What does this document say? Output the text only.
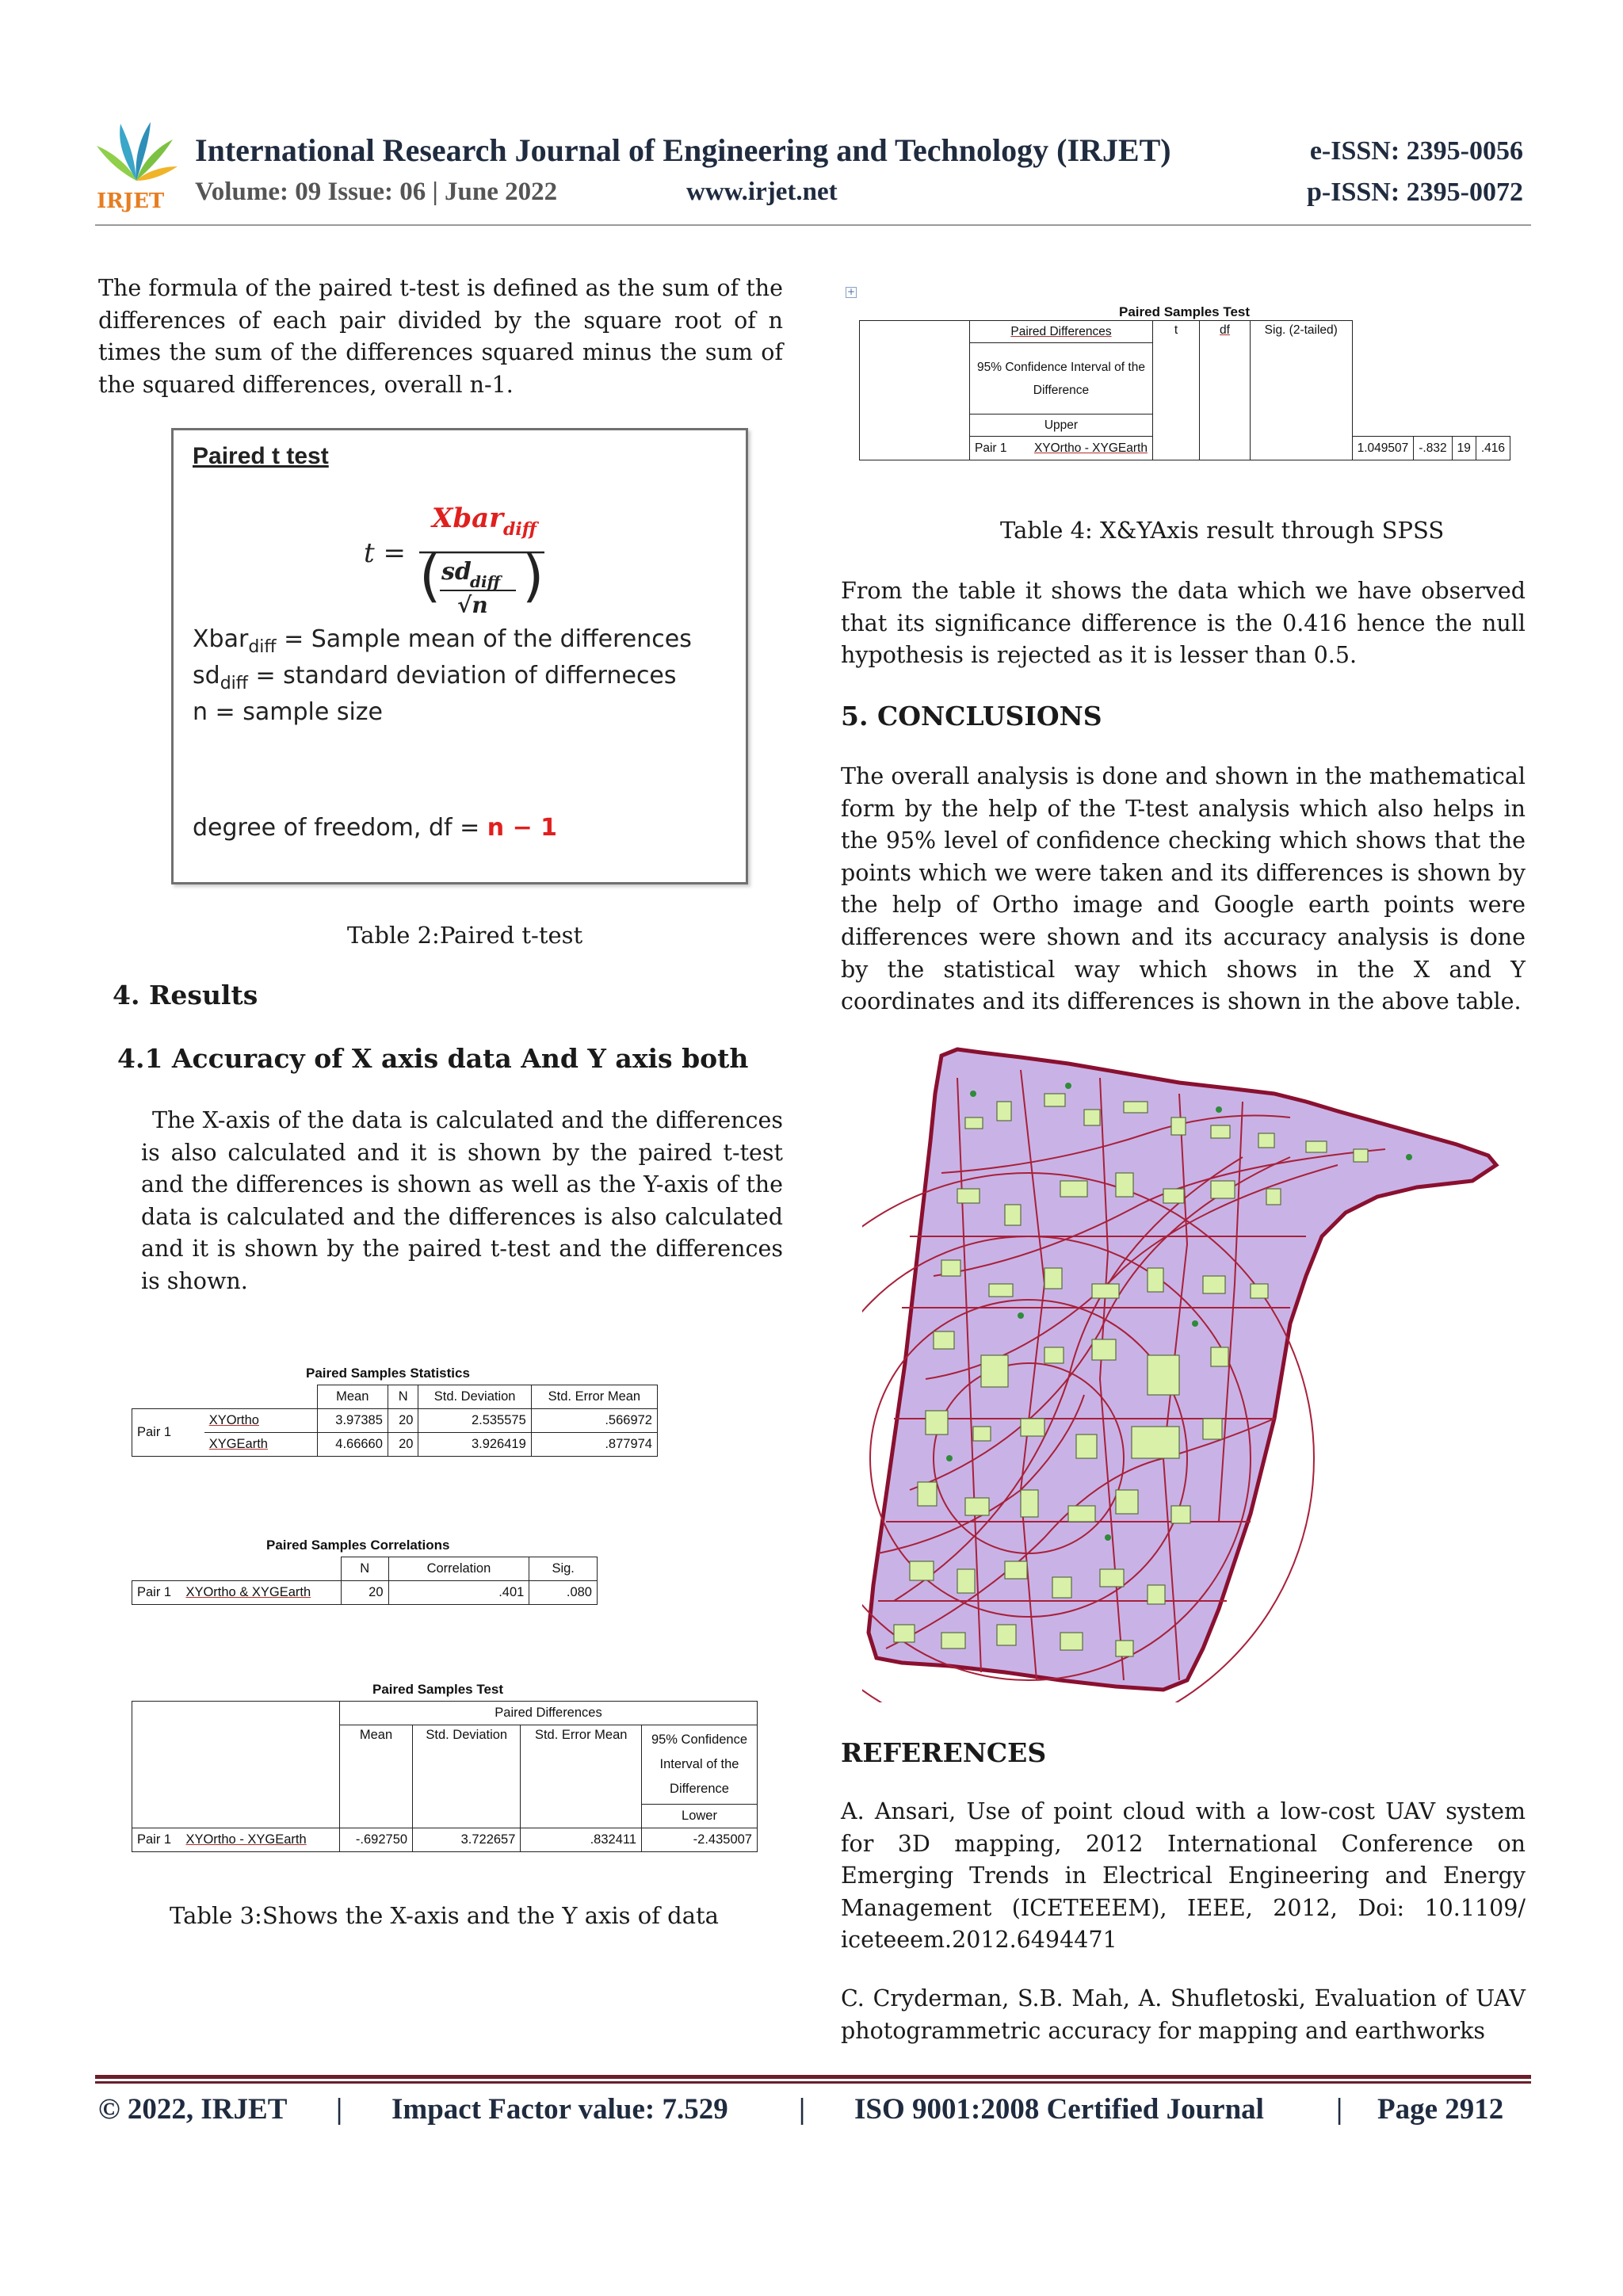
IRJET
International Research Journal of Engineering and Technology (IRJET)
Volume: 09 Issue: 06 | June 2022	www.irjet.net
e-ISSN: 2395-0056
p-ISSN: 2395-0072
The formula of the paired t-test is defined as the sum of the differences of each pair divided by the square root of n times the sum of the differences squared minus the sum of the squared differences, overall n-1.
Paired t test
t =
Xbar diff
( )
sd
diff
√n
Xbar$_{diff}$ = Sample mean of the differences
$sd_{diff}$ = standard deviation of differneces
n = sample size
degree of freedom, df = n − 1
Table 2:Paired t-test
4. Results
4.1 Accuracy of X axis data And Y axis both
The X-axis of the data is calculated and the differences is also calculated and it is shown by the paired t-test and the differences is shown as well as the Y-axis of the data is calculated and the differences is also calculated and it is shown by the paired t-test and the differences is shown.
Paired Samples Statistics
		Mean	N	Std. Deviation	Std. Error Mean
Pair 1	XYOrtho	3.97385	20	2.535575	.566972
	XYGEarth	4.66660	20	3.926419	.877974
Paired Samples Correlations
	N	Correlation	Sig.
Pair 1 XYOrtho & XYGEarth	20	.401	.080
Paired Samples Test
	Paired Differences			
	Mean	Std. Deviation	Std. Error Mean	95% Confidence Interval of the Difference
				Lower
Pair 1 XYOrtho - XYGEarth	-.692750	3.722657	.832411	-2.435007
Table 3:Shows the X-axis and the Y axis of data
+
Paired Samples Test
	Paired Differences	t	df	Sig. (2-tailed)				
	95% Confidence Interval of the Difference							
	Upper							
	Pair 1 XYOrtho - XYGEarth				1.049507	-.832	19	.416
Table 4: X&YAxis result through SPSS
From the table it shows the data which we have observed that its significance difference is the 0.416 hence the null hypothesis is rejected as it is lesser than 0.5.
5. CONCLUSIONS
The overall analysis is done and shown in the mathematical form by the help of the T-test analysis which also helps in the 95% level of confidence checking which shows that the points which we were taken and its differences is shown by the help of Ortho image and Google earth points were differences were shown and its accuracy analysis is done by the statistical way which shows in the X and Y coordinates and its differences is shown in the above table.
REFERENCES
A. Ansari, Use of point cloud with a low-cost UAV system for 3D mapping, 2012 International Conference on Emerging Trends in Electrical Engineering and Energy Management (ICETEEEM), IEEE, 2012, Doi: 10.1109/ iceteeem.2012.6494471
C. Cryderman, S.B. Mah, A. Shufletoski, Evaluation of UAV photogrammetric accuracy for mapping and earthworks
© 2022, IRJET | Impact Factor value: 7.529 | ISO 9001:2008 Certified Journal | Page 2912
